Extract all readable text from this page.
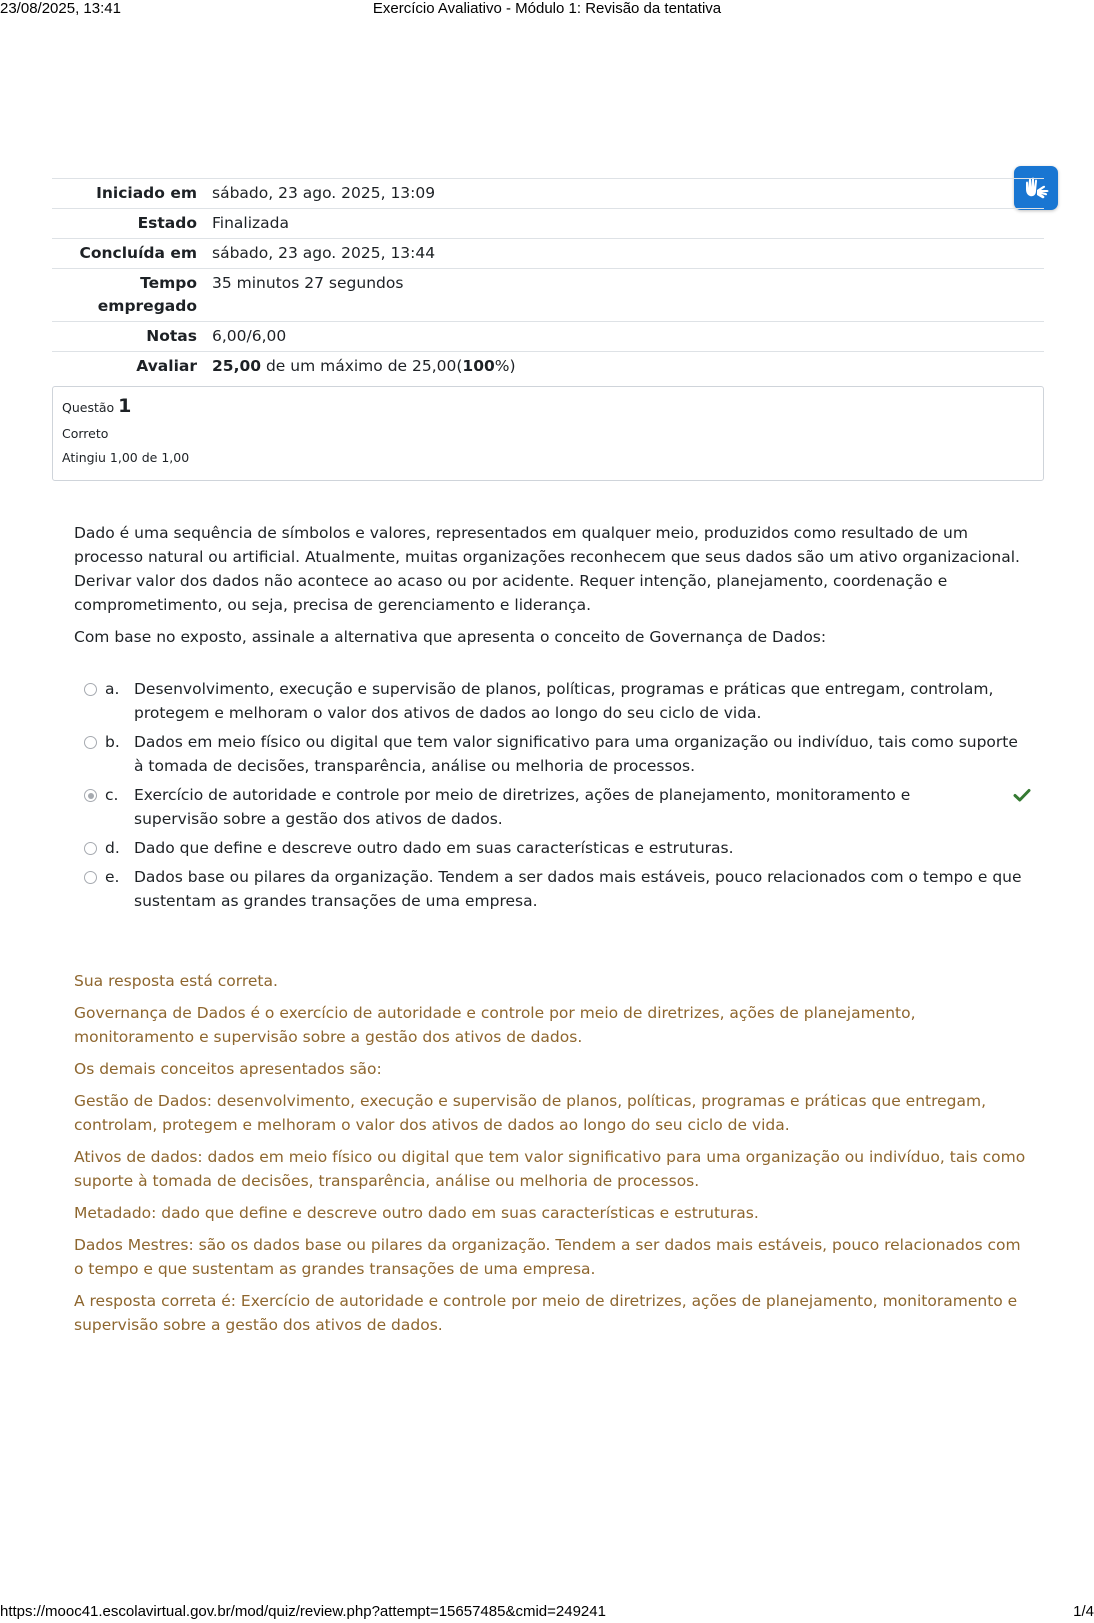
23/08/2025, 13:41	Exercício Avaliativo - Módulo 1: Revisão da tentativa
Iniciado em	sábado, 23 ago. 2025, 13:09
Estado	Finalizada
Concluída em	sábado, 23 ago. 2025, 13:44
Tempo empregado	35 minutos 27 segundos
Notas	6,00/6,00
Avaliar	25,00 de um máximo de 25,00(100%)
Questão 1
Correto
Atingiu 1,00 de 1,00

Dado é uma sequência de símbolos e valores, representados em qualquer meio, produzidos como resultado de um processo natural ou artificial. Atualmente, muitas organizações reconhecem que seus dados são um ativo organizacional. Derivar valor dos dados não acontece ao acaso ou por acidente. Requer intenção, planejamento, coordenação e comprometimento, ou seja, precisa de gerenciamento e liderança.

Com base no exposto, assinale a alternativa que apresenta o conceito de Governança de Dados:

a. Desenvolvimento, execução e supervisão de planos, políticas, programas e práticas que entregam, controlam, protegem e melhoram o valor dos ativos de dados ao longo do seu ciclo de vida.
b. Dados em meio físico ou digital que tem valor significativo para uma organização ou indivíduo, tais como suporte à tomada de decisões, transparência, análise ou melhoria de processos.
c.	Exercício de autoridade e controle por meio de diretrizes, ações de planejamento, monitoramento e supervisão sobre a gestão dos ativos de dados.
d. Dado que define e descreve outro dado em suas características e estruturas.
e. Dados base ou pilares da organização. Tendem a ser dados mais estáveis, pouco relacionados com o tempo e que sustentam as grandes transações de uma empresa.

Sua resposta está correta.

Governança de Dados é o exercício de autoridade e controle por meio de diretrizes, ações de planejamento, monitoramento e supervisão sobre a gestão dos ativos de dados.

Os demais conceitos apresentados são:

Gestão de Dados: desenvolvimento, execução e supervisão de planos, políticas, programas e práticas que entregam, controlam, protegem e melhoram o valor dos ativos de dados ao longo do seu ciclo de vida.

Ativos de dados: dados em meio físico ou digital que tem valor significativo para uma organização ou indivíduo, tais como suporte à tomada de decisões, transparência, análise ou melhoria de processos.

Metadado: dado que define e descreve outro dado em suas características e estruturas.

Dados Mestres: são os dados base ou pilares da organização. Tendem a ser dados mais estáveis, pouco relacionados com o tempo e que sustentam as grandes transações de uma empresa.

A resposta correta é: Exercício de autoridade e controle por meio de diretrizes, ações de planejamento, monitoramento e supervisão sobre a gestão dos ativos de dados.

https://mooc41.escolavirtual.gov.br/mod/quiz/review.php?attempt=15657485&cmid=249241	1/4
